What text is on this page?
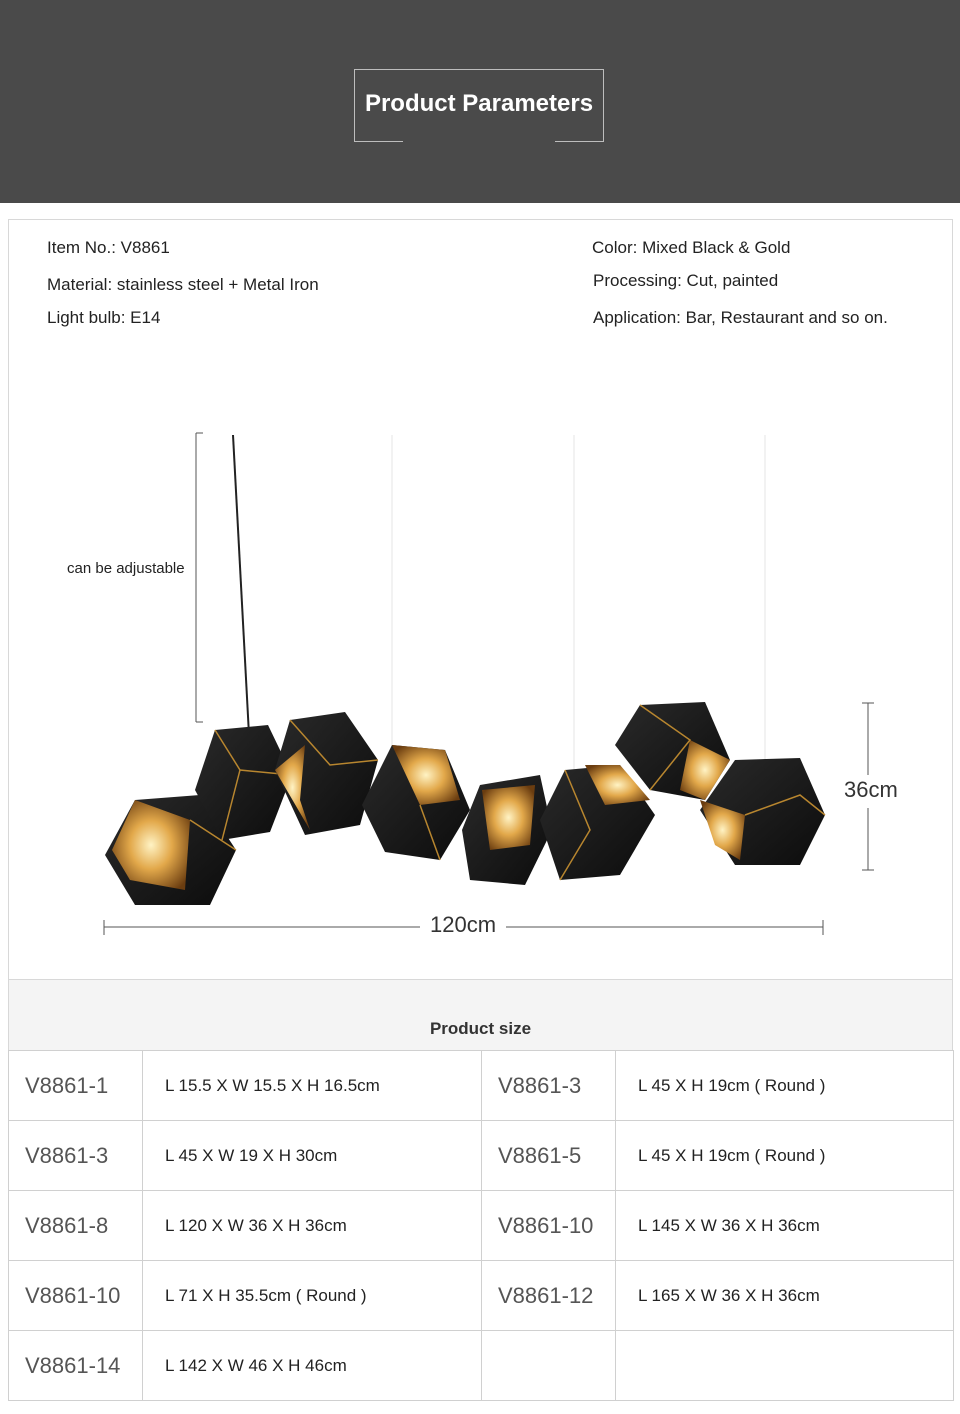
Product Parameters
Item No.: V8861
Material: stainless steel + Metal Iron
Light bulb: E14
Color: Mixed Black & Gold
Processing: Cut, painted
Application: Bar, Restaurant and so on.
can be adjustable
120cm
36cm
Product size
V8861-1	L 15.5 X W 15.5 X H 16.5cm	V8861-3	L 45 X H 19cm ( Round )
V8861-3	L 45 X W 19 X H 30cm	V8861-5	L 45 X H 19cm ( Round )
V8861-8	L 120 X W 36 X H 36cm	V8861-10	L 145 X W 36 X H 36cm
V8861-10	L 71 X H 35.5cm ( Round )	V8861-12	L 165 X W 36 X H 36cm
V8861-14	L 142 X W 46 X H 46cm		
